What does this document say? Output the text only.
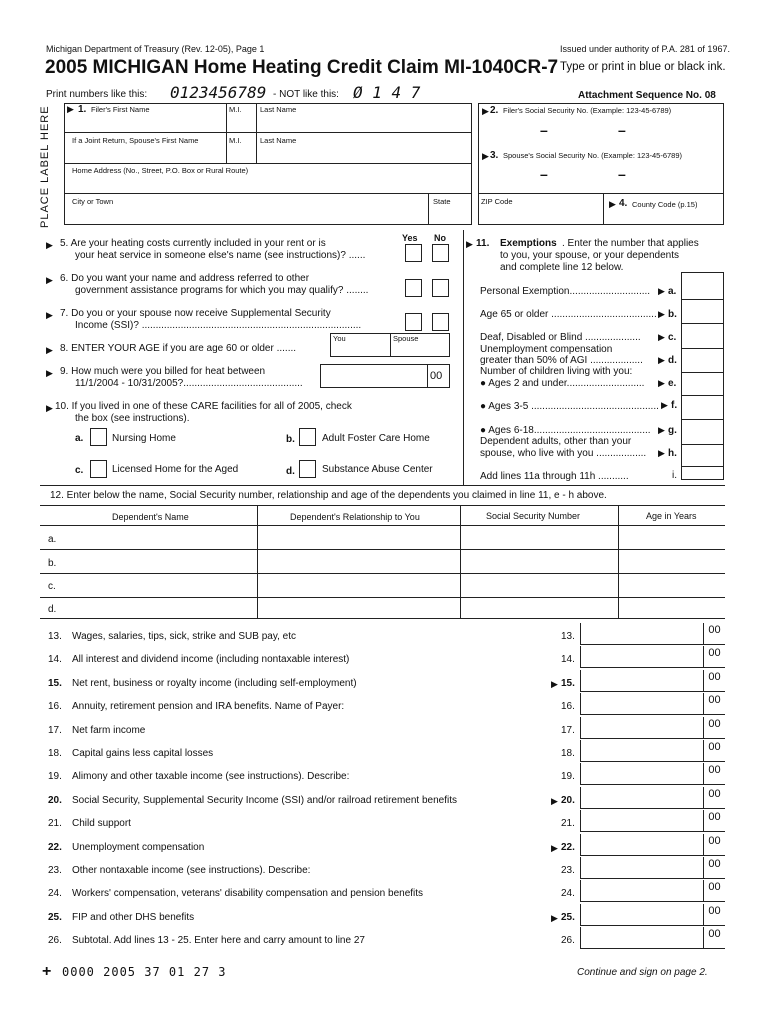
Michigan Department of Treasury (Rev. 12-05), Page 1	Issued under authority of P.A. 281 of 1967.
2005 MICHIGAN Home Heating Credit Claim MI-1040CR-7 Type or print in blue or black ink.
Print numbers like this: 0123456789 - NOT like this: Ø 1 4 7	Attachment Sequence No. 08
PLACE LABEL HERE ▶ 1. Filer's First Name	M.I. Last Name
If a Joint Return, Spouse's First Name	M.I. Last Name
Home Address (No., Street, P.O. Box or Rural Route)
City or Town	State
▶ 2. Filer's Social Security No. (Example: 123-45-6789)
–	–
▶ 3. Spouse's Social Security No. (Example: 123-45-6789)
–	–
ZIP Code	▶ 4. County Code (p.15)
Yes No
▶ 5. Are your heating costs currently included in your rent or is
your heat service in someone else's name (see instructions)? ......
▶ 6. Do you want your name and address referred to other
government assistance programs for which you may qualify? ........
▶ 7. Do you or your spouse now receive Supplemental Security
Income (SSI)? ...............................................................................
You	Spouse
▶ 8. ENTER YOUR AGE if you are age 60 or older .......
▶ 9. How much were you billed for heat between
11/1/2004 - 10/31/2005?...........................................
00
▶ 10. If you lived in one of these CARE facilities for all of 2005, check
the box (see instructions).
a.	Nursing Home	b.	Adult Foster Care Home
c.	Licensed Home for the Aged	d.	Substance Abuse Center
▶ 11. Exemptions . Enter the number that applies
to you, your spouse, or your dependents
and complete line 12 below.
Personal Exemption............................. ▶ a.
Age 65 or older ...................................... ▶ b.
Deaf, Disabled or Blind .................... ▶ c.
Unemployment compensation
greater than 50% of AGI ................... ▶ d.
Number of children living with you:
● Ages 2 and under............................ ▶ e.
● Ages 3-5 .............................................. ▶ f.
● Ages 6-18.......................................... ▶ g.
Dependent adults, other than your
spouse, who live with you .................. ▶ h.
Add lines 11a through 11h ...........	i.
12. Enter below the name, Social Security number, relationship and age of the dependents you claimed in line 11, e - h above.
Dependent's Name	Dependent's Relationship to You	Social Security Number	Age in Years
a.
b.
c.
d.
13. Wages, salaries, tips, sick, strike and SUB pay, etc	13.
00
14. All interest and dividend income (including nontaxable interest)	14.
00
15. Net rent, business or royalty income (including self-employment)	15.
▶
00
16. Annuity, retirement pension and IRA benefits. Name of Payer:	16.
00
17. Net farm income	17.
00
18. Capital gains less capital losses	18.
00
19. Alimony and other taxable income (see instructions). Describe:	19.
00
20. Social Security, Supplemental Security Income (SSI) and/or railroad retirement benefits	20.
▶
00
21. Child support	21.
00
22. Unemployment compensation	22.
▶
00
23. Other nontaxable income (see instructions). Describe:	23.
00
24. Workers' compensation, veterans' disability compensation and pension benefits	24.
00
25. FIP and other DHS benefits	25.
▶
00
26. Subtotal. Add lines 13 - 25. Enter here and carry amount to line 27	26.
00
+ 0000 2005 37 01 27 3	Continue and sign on page 2.
